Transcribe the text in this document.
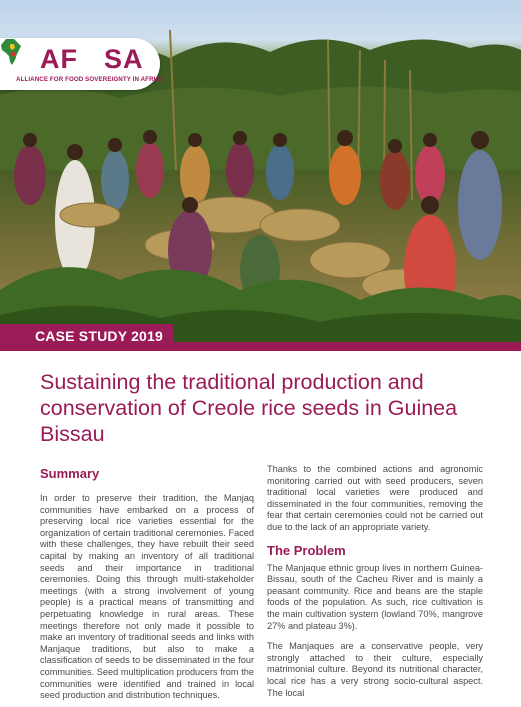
AF SA
ALLIANCE FOR FOOD SOVEREIGNTY IN AFRICA
CASE STUDY 2019
Sustaining the traditional production and conservation of Creole rice seeds in Guinea Bissau
Summary

In order to preserve their tradition, the Manjaq communities have embarked on a process of preserving local rice varieties essential for the organization of certain traditional ceremonies. Faced with these challenges, they have rebuilt their seed capital by making an inventory of all traditional seeds and their importance in traditional ceremonies. Doing this through multi-stakeholder meetings (with a strong involvement of young people) is a practical means of transmitting and perpetuating knowledge in rural areas. These meetings therefore not only made it possible to make an inventory of traditional seeds and links with Manjaque traditions, but also to make a classification of seeds to be disseminated in the four communities. Seed multiplication producers from the communities were identified and trained in local seed production and distribution techniques.

Thanks to the combined actions and agronomic monitoring carried out with seed producers, seven traditional local varieties were produced and disseminated in the four communities, removing the fear that certain ceremonies could not be carried out due to the lack of an appropriate variety.

The Problem

The Manjaque ethnic group lives in northern Guinea-Bissau, south of the Cacheu River and is mainly a peasant community. Rice and beans are the staple foods of the population. As such, rice cultivation is the main cultivation system (lowland 70%, mangrove 27% and plateau 3%).

The Manjaques are a conservative people, very strongly attached to their culture, especially matrimonial culture. Beyond its nutritional character, local rice has a very strong socio-cultural aspect. The local
